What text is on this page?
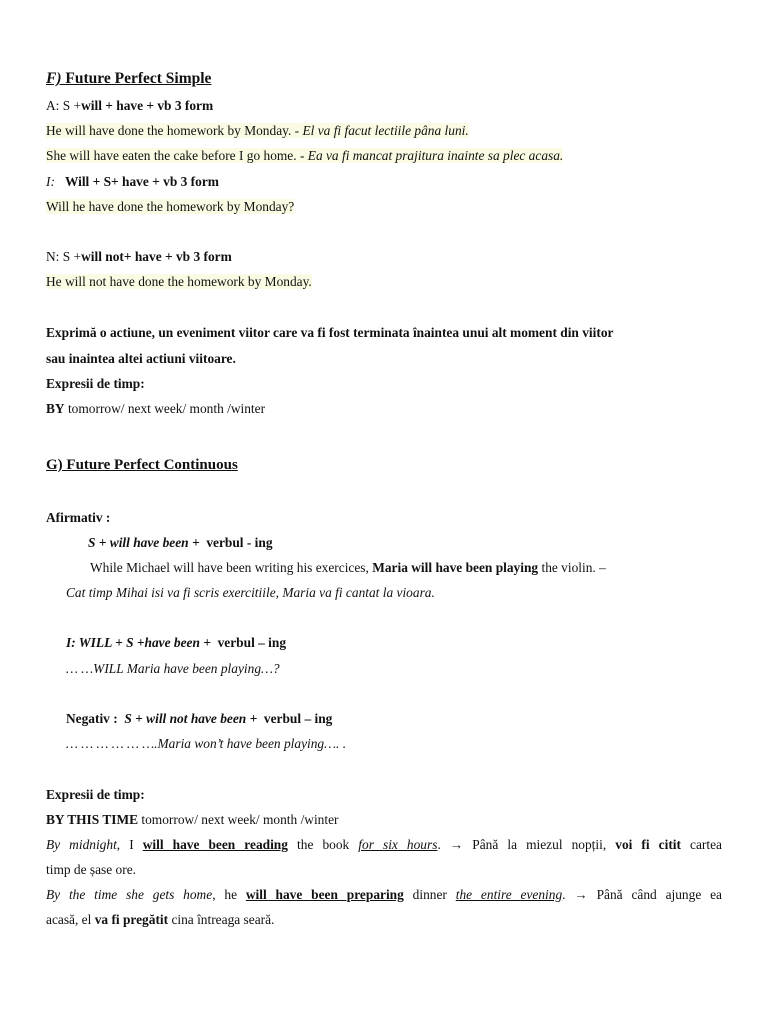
F) Future Perfect Simple
A: S +will + have + vb 3 form
He will have done the homework by Monday. - El va fi facut lectiile pâna luni.
She will have eaten the cake before I go home. - Ea va fi mancat prajitura inainte sa plec acasa.
I: Will + S+ have + vb 3 form
Will he have done the homework by Monday?
N: S +will not+ have + vb 3 form
He will not have done the homework by Monday.
Exprimă o actiune, un eveniment viitor care va fi fost terminata înaintea unui alt moment din viitor
sau inaintea altei actiuni viitoare.
Expresii de timp:
BY tomorrow/ next week/ month /winter
G) Future Perfect Continuous
Afirmativ :
S + will have been + verbul - ing
While Michael will have been writing his exercices, Maria will have been playing the violin. –
Cat timp Mihai isi va fi scris exercitiile, Maria va fi cantat la vioara.
I: WILL + S +have been + verbul – ing
… …WILL Maria have been playing…?
Negativ : S + will not have been + verbul – ing
… … … … … ….Maria won’t have been playing…. .
Expresii de timp:
BY THIS TIME tomorrow/ next week/ month /winter
By midnight, I will have been reading the book for six hours. → Până la miezul nopții, voi fi citit cartea
timp de șase ore.
By the time she gets home, he will have been preparing dinner the entire evening. → Până când ajunge ea
acasă, el va fi pregătit cina întreaga seară.
